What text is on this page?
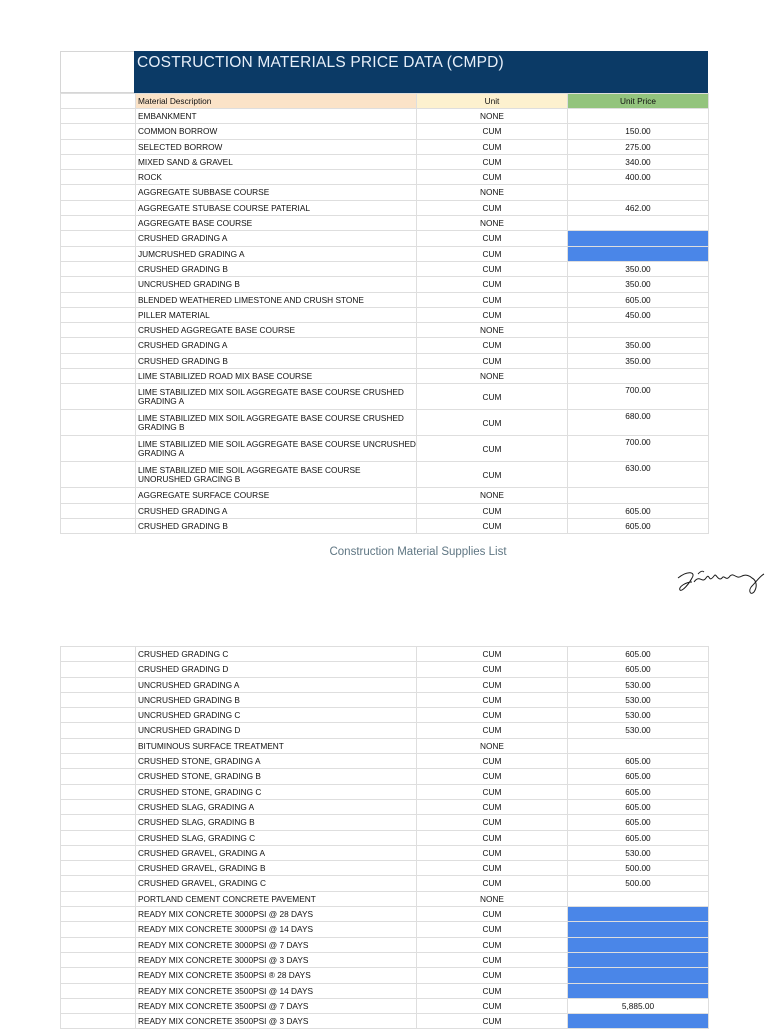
COSTRUCTION MATERIALS PRICE DATA (CMPD)
	Material Description	Unit	Unit Price
	EMBANKMENT	NONE	
	COMMON BORROW	CUM	150.00
	SELECTED BORROW	CUM	275.00
	MIXED SAND & GRAVEL	CUM	340.00
	ROCK	CUM	400.00
	AGGREGATE SUBBASE COURSE	NONE	
	AGGREGATE STUBASE COURSE PATERIAL	CUM	462.00
	AGGREGATE BASE COURSE	NONE	
	CRUSHED GRADING A	CUM	
	JUMCRUSHED GRADING A	CUM	
	CRUSHED GRADING B	CUM	350.00
	UNCRUSHED GRADING B	CUM	350.00
	BLENDED WEATHERED LIMESTONE AND CRUSH STONE	CUM	605.00
	PILLER MATERIAL	CUM	450.00
	CRUSHED AGGREGATE BASE COURSE	NONE	
	CRUSHED GRADING A	CUM	350.00
	CRUSHED GRADING B	CUM	350.00
	LIME STABILIZED ROAD MIX BASE COURSE	NONE	
	LIME STABILIZED MIX SOIL AGGREGATE BASE COURSE CRUSHED GRADING A	CUM	700.00
	LIME STABILIZED MIX SOIL AGGREGATE BASE COURSE CRUSHED GRADING B	CUM	680.00
	LIME STABILIZED MIE SOIL AGGREGATE BASE COURSE UNCRUSHED GRADING A	CUM	700.00
	LIME STABILIZED MIE SOIL AGGREGATE BASE COURSE UNORUSHED GRACING B	CUM	630.00
	AGGREGATE SURFACE COURSE	NONE	
	CRUSHED GRADING A	CUM	605.00
	CRUSHED GRADING B	CUM	605.00
Construction Material Supplies List
	CRUSHED GRADING C	CUM	605.00
	CRUSHED GRADING D	CUM	605.00
	UNCRUSHED GRADING A	CUM	530.00
	UNCRUSHED GRADING B	CUM	530.00
	UNCRUSHED GRADING C	CUM	530.00
	UNCRUSHED GRADING D	CUM	530.00
	BITUMINOUS SURFACE TREATMENT	NONE	
	CRUSHED STONE, GRADING A	CUM	605.00
	CRUSHED STONE, GRADING B	CUM	605.00
	CRUSHED STONE, GRADING C	CUM	605.00
	CRUSHED SLAG, GRADING A	CUM	605.00
	CRUSHED SLAG, GRADING B	CUM	605.00
	CRUSHED SLAG, GRADING C	CUM	605.00
	CRUSHED GRAVEL, GRADING A	CUM	530.00
	CRUSHED GRAVEL, GRADING B	CUM	500.00
	CRUSHED GRAVEL, GRADING C	CUM	500.00
	PORTLAND CEMENT CONCRETE PAVEMENT	NONE	
	READY MIX CONCRETE 3000PSI @ 28 DAYS	CUM	
	READY MIX CONCRETE 3000PSI @ 14 DAYS	CUM	
	READY MIX CONCRETE 3000PSI @ 7 DAYS	CUM	
	READY MIX CONCRETE 3000PSI @ 3 DAYS	CUM	
	READY MIX CONCRETE 3500PSI ® 28 DAYS	CUM	
	READY MIX CONCRETE 3500PSI @ 14 DAYS	CUM	
	READY MIX CONCRETE 3500PSI @ 7 DAYS	CUM	5,885.00
	READY MIX CONCRETE 3500PSI @ 3 DAYS	CUM	
